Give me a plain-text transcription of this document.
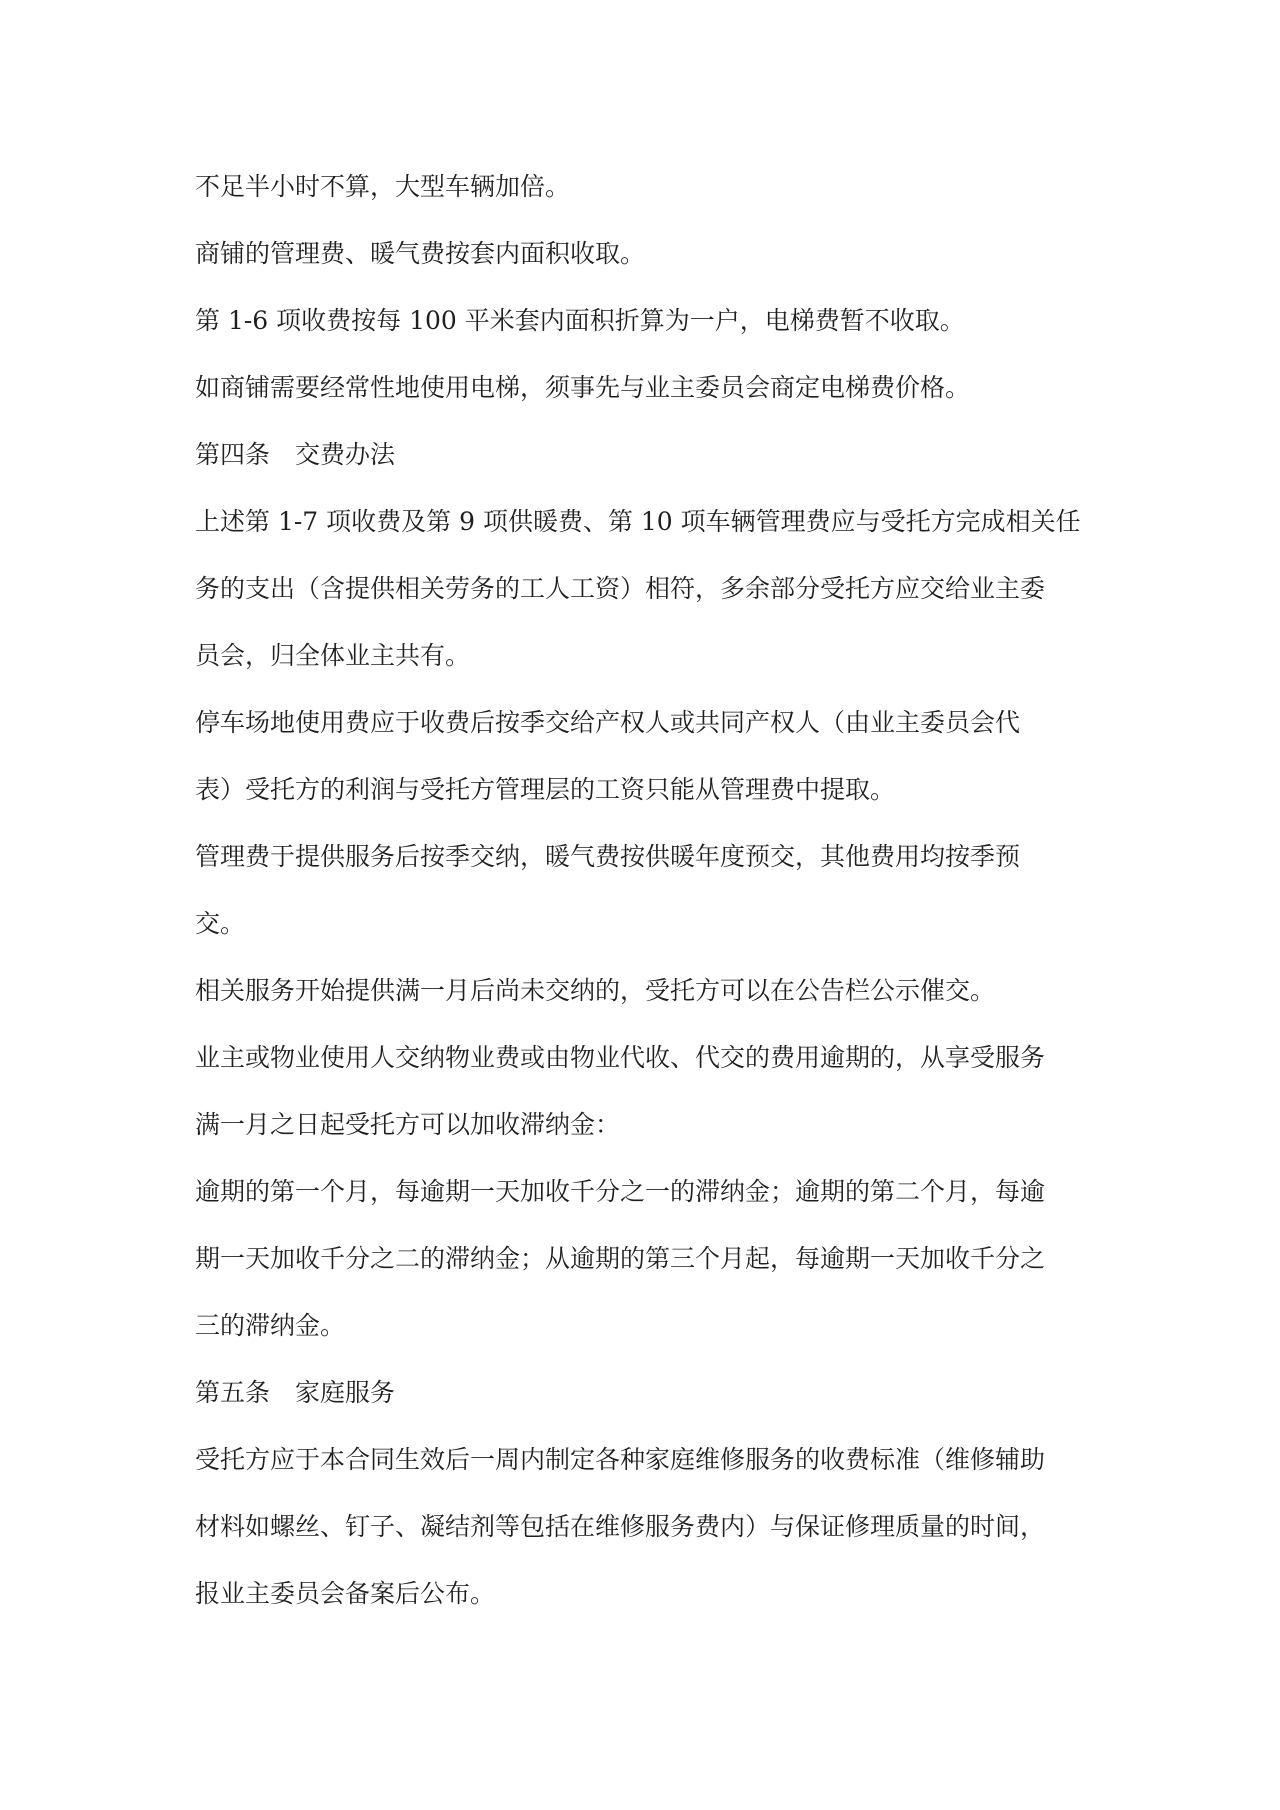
不足半小时不算，大型车辆加倍。

商铺的管理费、暖气费按套内面积收取。

第 1-6 项收费按每 100 平米套内面积折算为一户，电梯费暂不收取。

如商铺需要经常性地使用电梯，须事先与业主委员会商定电梯费价格。

第四条　交费办法

上述第 1-7 项收费及第 9 项供暖费、第 10 项车辆管理费应与受托方完成相关任

务的支出（含提供相关劳务的工人工资）相符，多余部分受托方应交给业主委

员会，归全体业主共有。

停车场地使用费应于收费后按季交给产权人或共同产权人（由业主委员会代

表）受托方的利润与受托方管理层的工资只能从管理费中提取。

管理费于提供服务后按季交纳，暖气费按供暖年度预交，其他费用均按季预

交。

相关服务开始提供满一月后尚未交纳的，受托方可以在公告栏公示催交。

业主或物业使用人交纳物业费或由物业代收、代交的费用逾期的，从享受服务

满一月之日起受托方可以加收滞纳金：

逾期的第一个月，每逾期一天加收千分之一的滞纳金；逾期的第二个月，每逾

期一天加收千分之二的滞纳金；从逾期的第三个月起，每逾期一天加收千分之

三的滞纳金。

第五条　家庭服务

受托方应于本合同生效后一周内制定各种家庭维修服务的收费标准（维修辅助

材料如螺丝、钉子、凝结剂等包括在维修服务费内）与保证修理质量的时间，

报业主委员会备案后公布。
